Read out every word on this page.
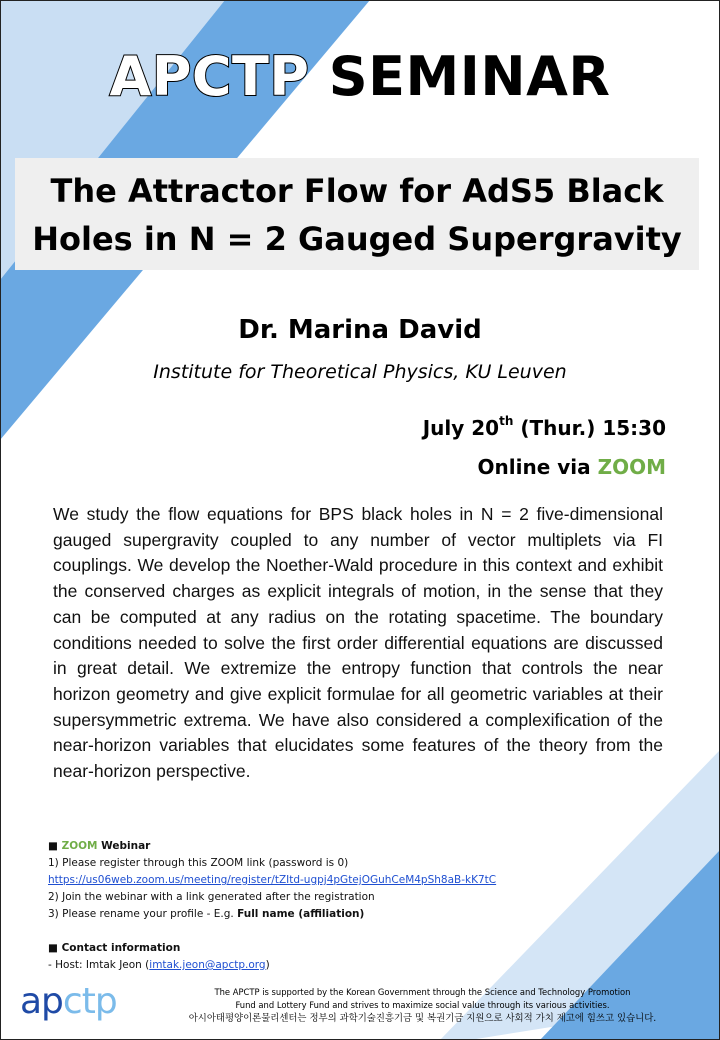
APCTP SEMINAR
The Attractor Flow for AdS5 Black Holes in N = 2 Gauged Supergravity
Dr. Marina David
Institute for Theoretical Physics, KU Leuven
July 20th (Thur.) 15:30
Online via ZOOM

We study the flow equations for BPS black holes in N = 2 five-dimensional gauged supergravity coupled to any number of vector multiplets via FI couplings. We develop the Noether-Wald procedure in this context and exhibit the conserved charges as explicit integrals of motion, in the sense that they can be computed at any radius on the rotating spacetime. The boundary conditions needed to solve the first order differential equations are discussed in great detail. We extremize the entropy function that controls the near horizon geometry and give explicit formulae for all geometric variables at their supersymmetric extrema. We have also considered a complexification of the near-horizon variables that elucidates some features of the theory from the near-horizon perspective.

■ ZOOM Webinar
1) Please register through this ZOOM link (password is 0)
https://us06web.zoom.us/meeting/register/tZItd-ugpj4pGtejOGuhCeM4pSh8aB-kK7tC
2) Join the webinar with a link generated after the registration
3) Please rename your profile - E.g. Full name (affiliation)
■ Contact information
- Host: Imtak Jeon (imtak.jeon@apctp.org)
apctp	The APCTP is supported by the Korean Government through the Science and Technology Promotion
Fund and Lottery Fund and strives to maximize social value through its various activities.
아시아태평양이론물리센터는 정부의 과학기술진흥기금 및 복권기금 지원으로 사회적 가치 제고에 힘쓰고 있습니다.
